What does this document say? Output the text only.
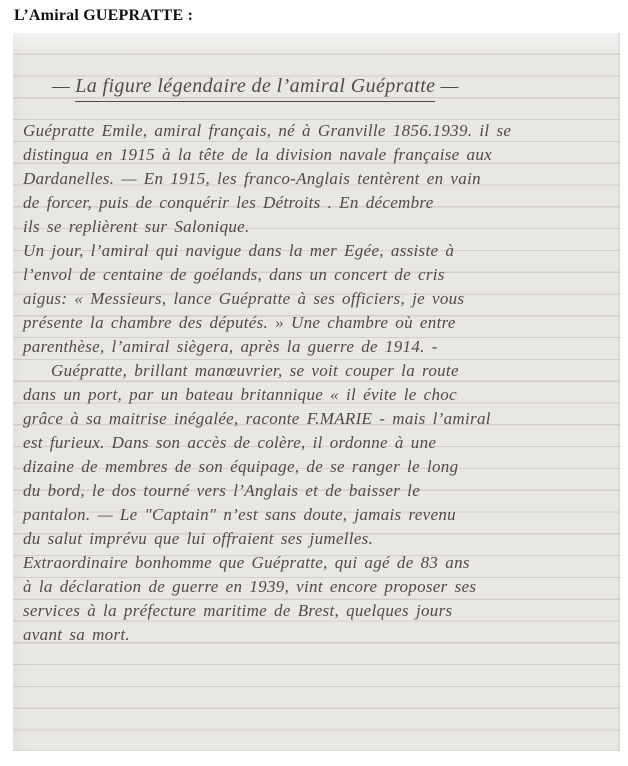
L’Amiral GUEPRATTE :
— La figure légendaire de l’amiral Guépratte —
Guépratte Emile, amiral français, né à Granville 1856.1939. il se
distingua en 1915 à la tête de la division navale française aux
Dardanelles. — En 1915, les franco-Anglais tentèrent en vain
de forcer, puis de conquérir les Détroits . En décembre
ils se replièrent sur Salonique.
Un jour, l’amiral qui navigue dans la mer Egée, assiste à
l’envol de centaine de goélands, dans un concert de cris
aigus: « Messieurs, lance Guépratte à ses officiers, je vous
présente la chambre des députés. » Une chambre où entre
parenthèse, l’amiral siègera, après la guerre de 1914. -
Guépratte, brillant manœuvrier, se voit couper la route
dans un port, par un bateau britannique « il évite le choc
grâce à sa maitrise inégalée, raconte F.MARIE - mais l’amiral
est furieux. Dans son accès de colère, il ordonne à une
dizaine de membres de son équipage, de se ranger le long
du bord, le dos tourné vers l’Anglais et de baisser le
pantalon. — Le "Captain" n’est sans doute, jamais revenu
du salut imprévu que lui offraient ses jumelles.
Extraordinaire bonhomme que Guépratte, qui agé de 83 ans
à la déclaration de guerre en 1939, vint encore proposer ses
services à la préfecture maritime de Brest, quelques jours
avant sa mort.
